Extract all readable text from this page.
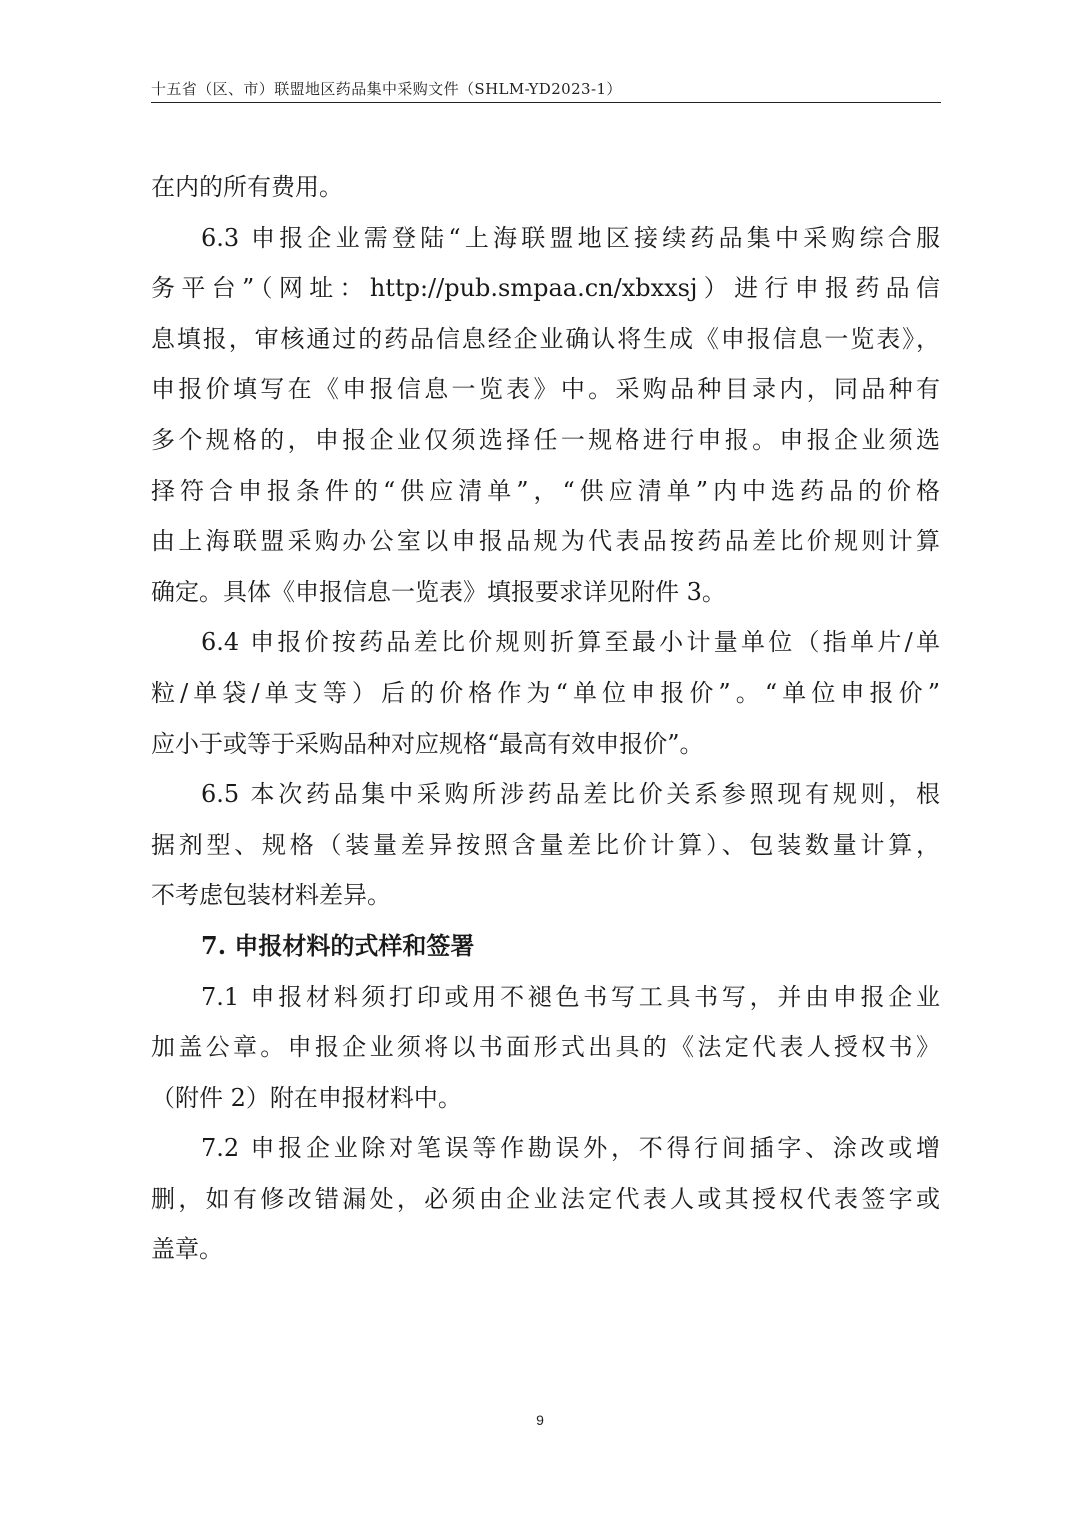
十五省（区、市）联盟地区药品集中采购文件（SHLM-YD2023-1）
在内的所有费用。
6.3 申报企业需登陆“上海联盟地区接续药品集中采购综合服
务平台”（网址：http://pub.smpaa.cn/xbxxsj）进行申报药品信
息填报，审核通过的药品信息经企业确认将生成《申报信息一览表》，
申报价填写在《申报信息一览表》中。采购品种目录内，同品种有
多个规格的，申报企业仅须选择任一规格进行申报。申报企业须选
择符合申报条件的“供应清单”，“供应清单”内中选药品的价格
由上海联盟采购办公室以申报品规为代表品按药品差比价规则计算
确定。具体《申报信息一览表》填报要求详见附件 3。
6.4 申报价按药品差比价规则折算至最小计量单位（指单片/单
粒/单袋/单支等）后的价格作为“单位申报价”。“单位申报价”
应小于或等于采购品种对应规格“最高有效申报价”。
6.5 本次药品集中采购所涉药品差比价关系参照现有规则，根
据剂型、规格（装量差异按照含量差比价计算）、包装数量计算，
不考虑包装材料差异。
7. 申报材料的式样和签署
7.1 申报材料须打印或用不褪色书写工具书写，并由申报企业
加盖公章。申报企业须将以书面形式出具的《法定代表人授权书》
（附件 2）附在申报材料中。
7.2 申报企业除对笔误等作勘误外，不得行间插字、涂改或增
删，如有修改错漏处，必须由企业法定代表人或其授权代表签字或
盖章。
9
